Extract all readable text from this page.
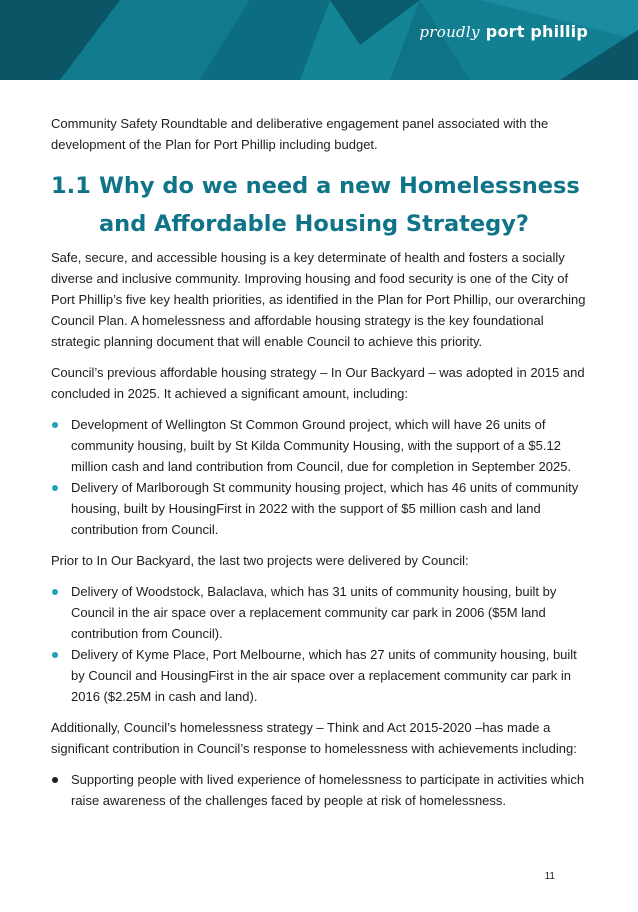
proudly port phillip

Community Safety Roundtable and deliberative engagement panel associated with the development of the Plan for Port Phillip including budget.

1.1 Why do we need a new Homelessness and Affordable Housing Strategy?

Safe, secure, and accessible housing is a key determinate of health and fosters a socially diverse and inclusive community. Improving housing and food security is one of the City of Port Phillip’s five key health priorities, as identified in the Plan for Port Phillip, our overarching Council Plan. A homelessness and affordable housing strategy is the key foundational strategic planning document that will enable Council to achieve this priority.

Council’s previous affordable housing strategy – In Our Backyard – was adopted in 2015 and concluded in 2025. It achieved a significant amount, including:

Development of Wellington St Common Ground project, which will have 26 units of community housing, built by St Kilda Community Housing, with the support of a $5.12 million cash and land contribution from Council, due for completion in September 2025.
Delivery of Marlborough St community housing project, which has 46 units of community housing, built by HousingFirst in 2022 with the support of $5 million cash and land contribution from Council.

Prior to In Our Backyard, the last two projects were delivered by Council:

Delivery of Woodstock, Balaclava, which has 31 units of community housing, built by Council in the air space over a replacement community car park in 2006 ($5M land contribution from Council).
Delivery of Kyme Place, Port Melbourne, which has 27 units of community housing, built by Council and HousingFirst in the air space over a replacement community car park in 2016 ($2.25M in cash and land).

Additionally, Council’s homelessness strategy – Think and Act 2015-2020 –has made a significant contribution in Council’s response to homelessness with achievements including:

Supporting people with lived experience of homelessness to participate in activities which raise awareness of the challenges faced by people at risk of homelessness.
11
